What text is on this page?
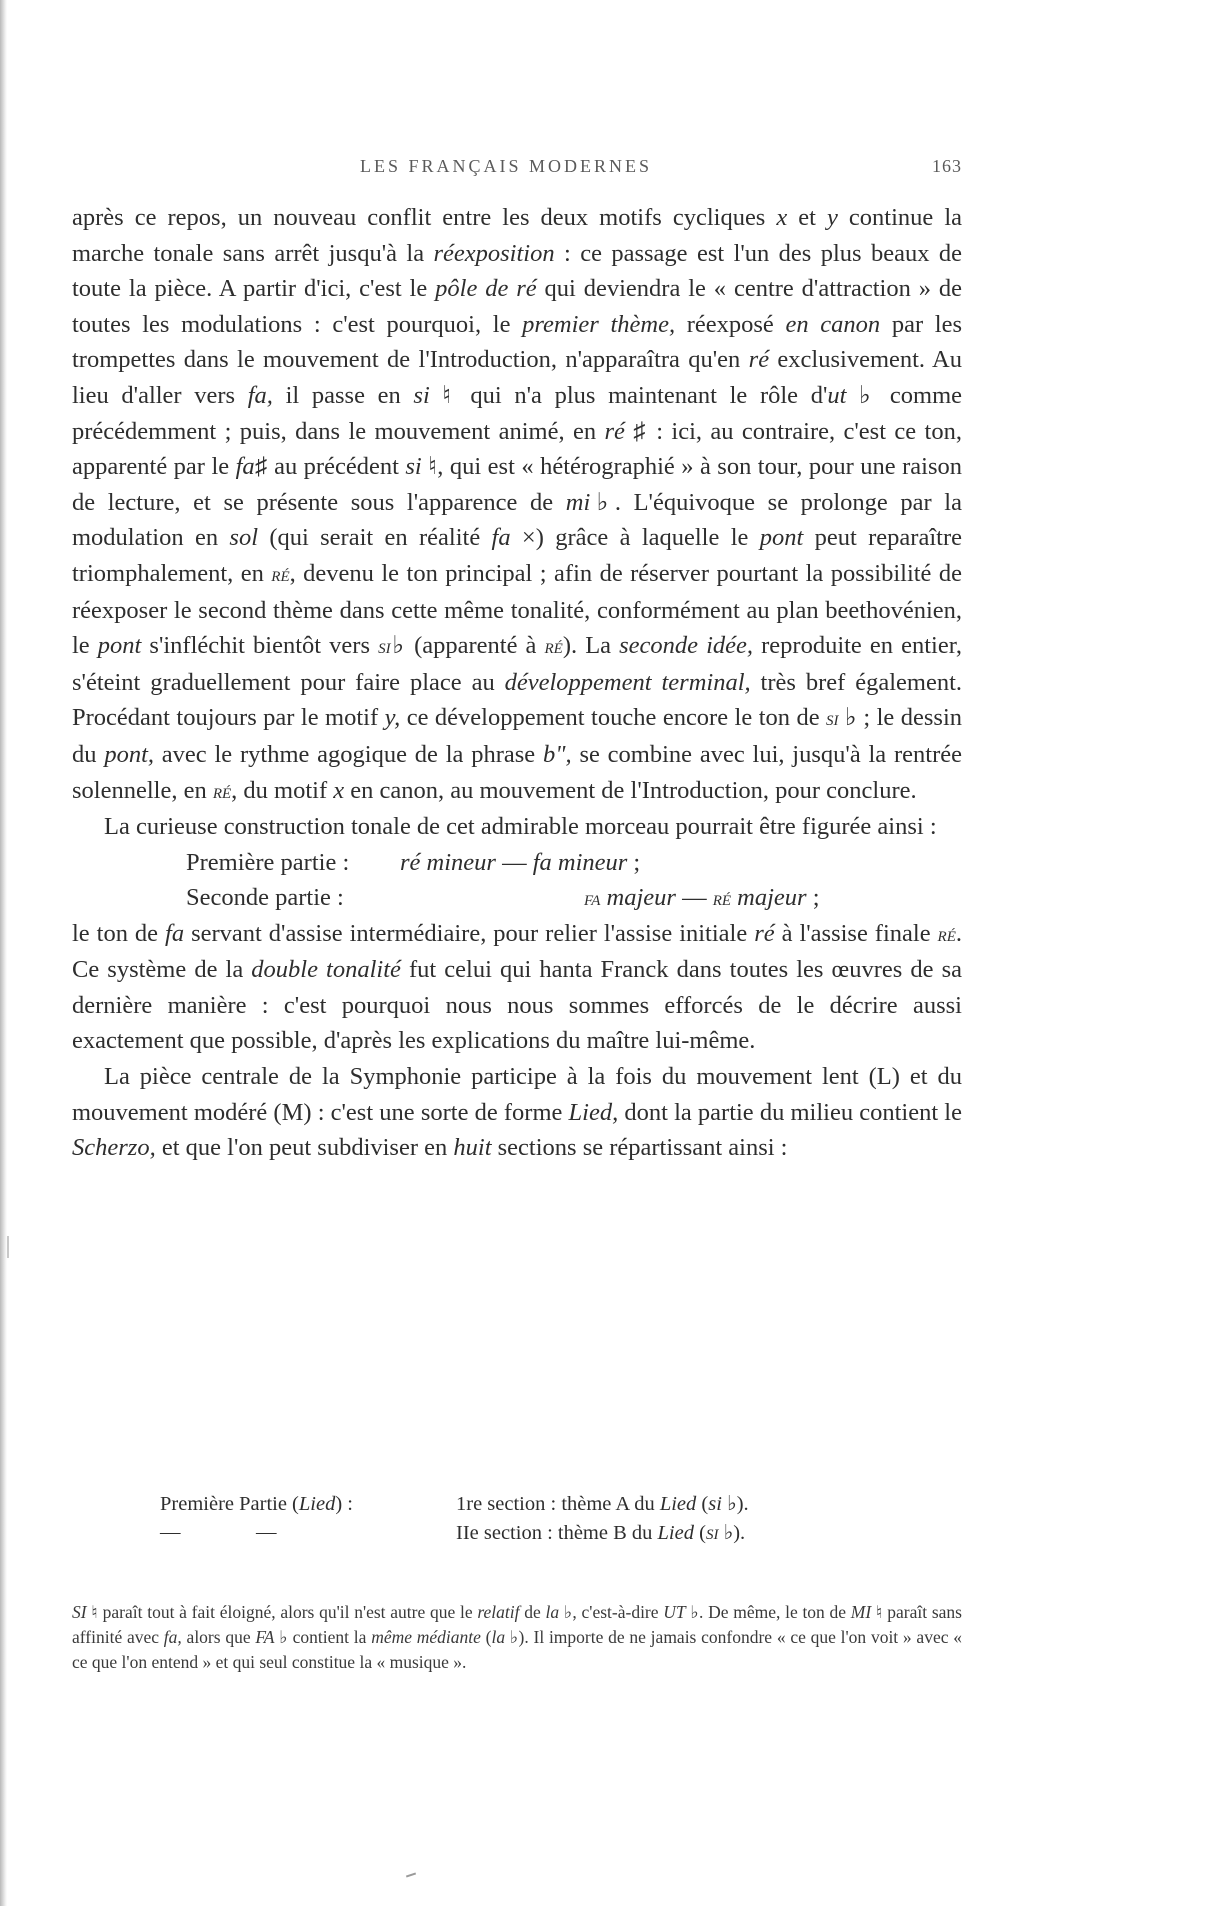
LES FRANÇAIS MODERNES	163

après ce repos, un nouveau conflit entre les deux motifs cycliques x et y continue la marche tonale sans arrêt jusqu'à la réexposition : ce passage est l'un des plus beaux de toute la pièce. A partir d'ici, c'est le pôle de ré qui deviendra le « centre d'attraction » de toutes les modulations : c'est pourquoi, le premier thème, réexposé en canon par les trompettes dans le mouvement de l'Introduction, n'apparaîtra qu'en ré exclusivement. Au lieu d'aller vers fa, il passe en si ♮ qui n'a plus maintenant le rôle d'ut ♭ comme précédemment ; puis, dans le mouvement animé, en ré ♯ : ici, au contraire, c'est ce ton, apparenté par le fa♯ au précédent si ♮, qui est « hétérographié » à son tour, pour une raison de lecture, et se présente sous l'apparence de mi♭. L'équivoque se prolonge par la modulation en sol (qui serait en réalité fa ×) grâce à laquelle le pont peut reparaître triomphalement, en ré, devenu le ton principal ; afin de réserver pourtant la possibilité de réexposer le second thème dans cette même tonalité, conformément au plan beethovénien, le pont s'infléchit bientôt vers si♭ (apparenté à ré). La seconde idée, reproduite en entier, s'éteint graduellement pour faire place au développement terminal, très bref également. Procédant toujours par le motif y, ce développement touche encore le ton de si ♭ ; le dessin du pont, avec le rythme agogique de la phrase b", se combine avec lui, jusqu'à la rentrée solennelle, en ré, du motif x en canon, au mouvement de l'Introduction, pour conclure.

La curieuse construction tonale de cet admirable morceau pourrait être figurée ainsi :

Première partie : ré mineur — fa mineur ;
Seconde partie :	fa majeur — ré majeur ;

le ton de fa servant d'assise intermédiaire, pour relier l'assise initiale ré à l'assise finale ré. Ce système de la double tonalité fut celui qui hanta Franck dans toutes les œuvres de sa dernière manière : c'est pourquoi nous nous sommes efforcés de le décrire aussi exactement que possible, d'après les explications du maître lui-même.

La pièce centrale de la Symphonie participe à la fois du mouvement lent (L) et du mouvement modéré (M) : c'est une sorte de forme Lied, dont la partie du milieu contient le Scherzo, et que l'on peut subdiviser en huit sections se répartissant ainsi :

Première Partie (Lied) :	1re section : thème A du Lied (si ♭).
—	—	IIe section : thème B du Lied (si ♭).

SI ♮ paraît tout à fait éloigné, alors qu'il n'est autre que le relatif de la ♭, c'est-à-dire UT ♭. De même, le ton de MI ♮ paraît sans affinité avec fa, alors que FA ♭ contient la même médiante (la ♭). Il importe de ne jamais confondre « ce que l'on voit » avec « ce que l'on entend » et qui seul constitue la « musique ».
